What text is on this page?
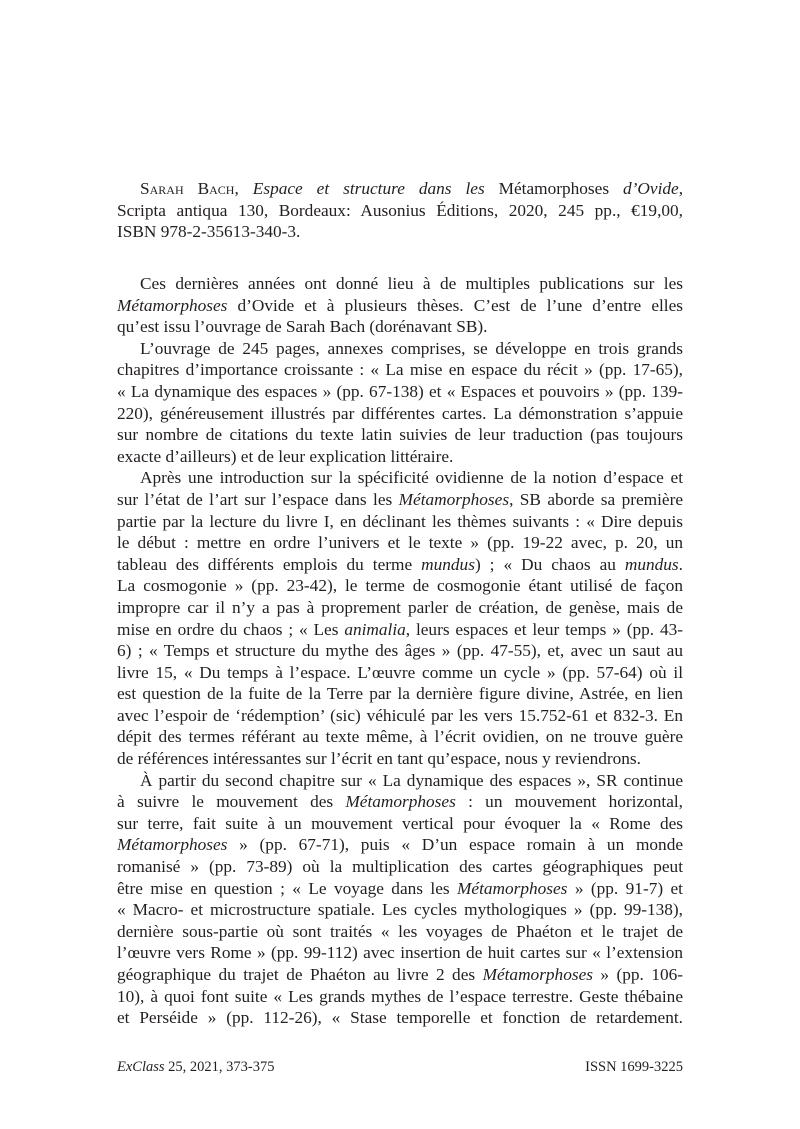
Sarah Bach, Espace et structure dans les Métamorphoses d’Ovide,
Scripta antiqua 130, Bordeaux: Ausonius Éditions, 2020, 245 pp., €19,00,
ISBN 978-2-35613-340-3.
Ces dernières années ont donné lieu à de multiples publications sur les
Métamorphoses d’Ovide et à plusieurs thèses. C’est de l’une d’entre elles
qu’est issu l’ouvrage de Sarah Bach (dorénavant SB).
L’ouvrage de 245 pages, annexes comprises, se développe en trois grands
chapitres d’importance croissante : « La mise en espace du récit » (pp. 17-65),
« La dynamique des espaces » (pp. 67-138) et « Espaces et pouvoirs » (pp. 139-
220), généreusement illustrés par différentes cartes. La démonstration s’appuie
sur nombre de citations du texte latin suivies de leur traduction (pas toujours
exacte d’ailleurs) et de leur explication littéraire.
Après une introduction sur la spécificité ovidienne de la notion d’espace et
sur l’état de l’art sur l’espace dans les Métamorphoses, SB aborde sa première
partie par la lecture du livre I, en déclinant les thèmes suivants : « Dire depuis
le début : mettre en ordre l’univers et le texte » (pp. 19-22 avec, p. 20, un
tableau des différents emplois du terme mundus) ; « Du chaos au mundus.
La cosmogonie » (pp. 23-42), le terme de cosmogonie étant utilisé de façon
impropre car il n’y a pas à proprement parler de création, de genèse, mais de
mise en ordre du chaos ; « Les animalia, leurs espaces et leur temps » (pp. 43-
6) ; « Temps et structure du mythe des âges » (pp. 47-55), et, avec un saut au
livre 15, « Du temps à l’espace. L’œuvre comme un cycle » (pp. 57-64) où il
est question de la fuite de la Terre par la dernière figure divine, Astrée, en lien
avec l’espoir de ‘rédemption’ (sic) véhiculé par les vers 15.752-61 et 832-3. En
dépit des termes référant au texte même, à l’écrit ovidien, on ne trouve guère
de références intéressantes sur l’écrit en tant qu’espace, nous y reviendrons.
À partir du second chapitre sur « La dynamique des espaces », SR continue
à suivre le mouvement des Métamorphoses : un mouvement horizontal,
sur terre, fait suite à un mouvement vertical pour évoquer la « Rome des
Métamorphoses » (pp. 67-71), puis « D’un espace romain à un monde
romanisé » (pp. 73-89) où la multiplication des cartes géographiques peut
être mise en question ; « Le voyage dans les Métamorphoses » (pp. 91-7) et
« Macro- et microstructure spatiale. Les cycles mythologiques » (pp. 99-138),
dernière sous-partie où sont traités « les voyages de Phaéton et le trajet de
l’œuvre vers Rome » (pp. 99-112) avec insertion de huit cartes sur « l’extension
géographique du trajet de Phaéton au livre 2 des Métamorphoses » (pp. 106-
10), à quoi font suite « Les grands mythes de l’espace terrestre. Geste thébaine
et Perséide » (pp. 112-26), « Stase temporelle et fonction de retardement.
ExClass 25, 2021, 373-375	ISSN 1699-3225
